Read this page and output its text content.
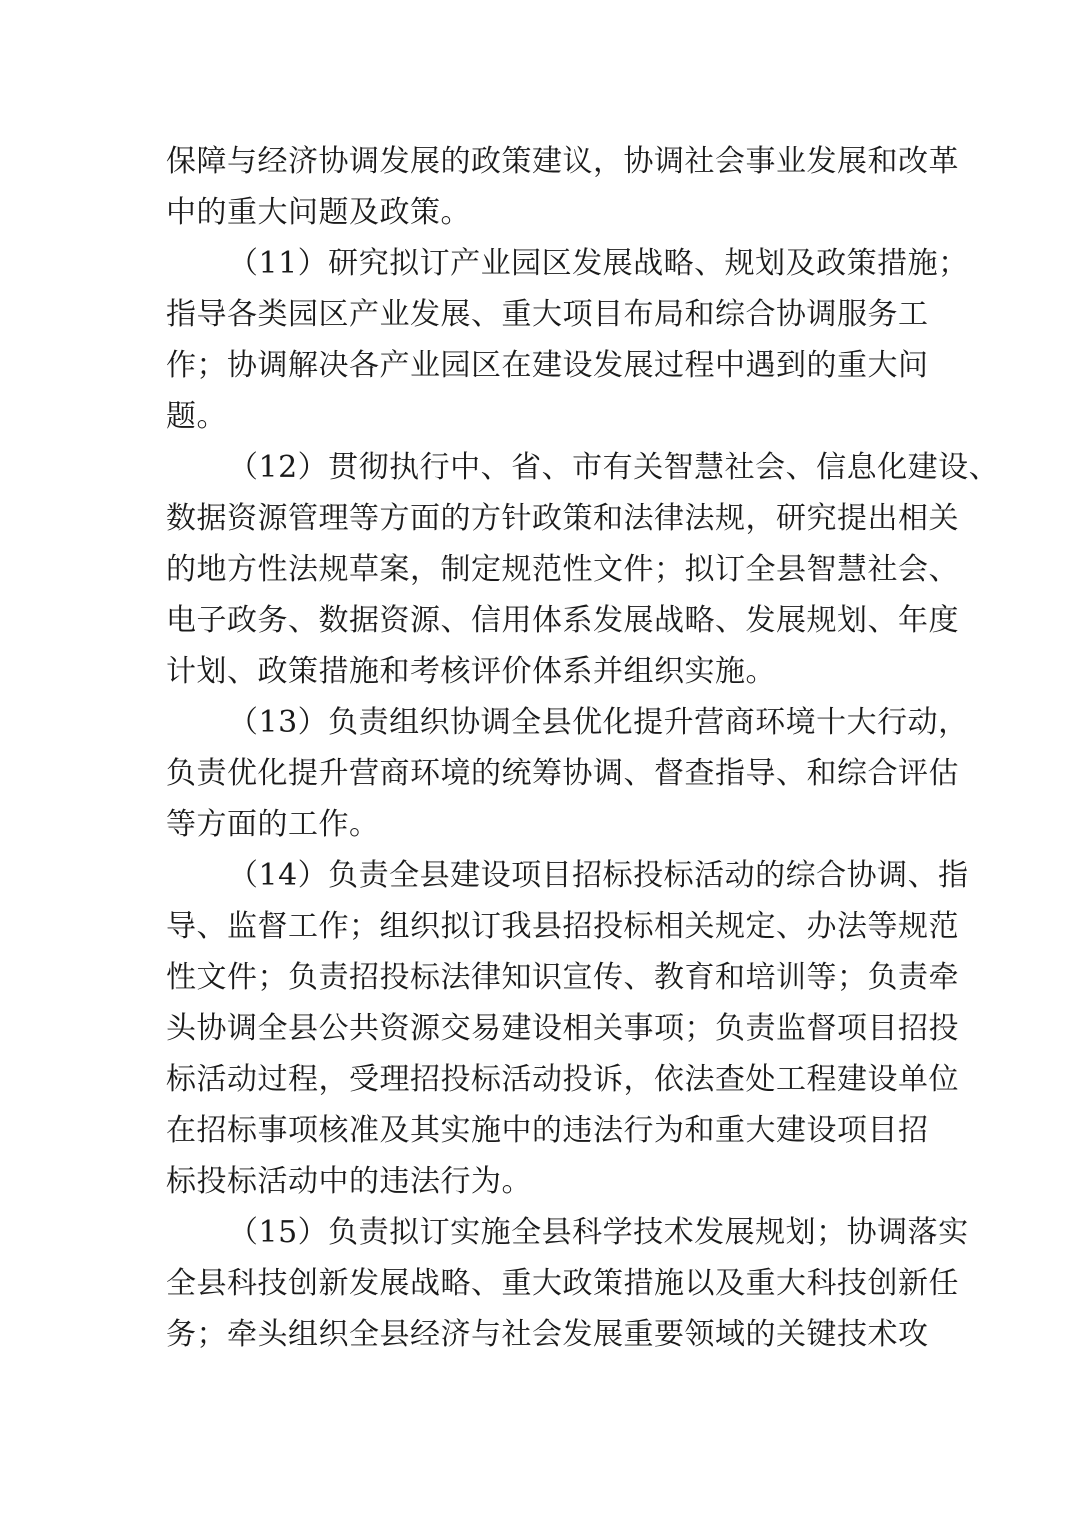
保障与经济协调发展的政策建议，协调社会事业发展和改革
中的重大问题及政策。
（11）研究拟订产业园区发展战略、规划及政策措施；
指导各类园区产业发展、重大项目布局和综合协调服务工
作；协调解决各产业园区在建设发展过程中遇到的重大问
题。
（12）贯彻执行中、省、市有关智慧社会、信息化建设、
数据资源管理等方面的方针政策和法律法规，研究提出相关
的地方性法规草案，制定规范性文件；拟订全县智慧社会、
电子政务、数据资源、信用体系发展战略、发展规划、年度
计划、政策措施和考核评价体系并组织实施。
（13）负责组织协调全县优化提升营商环境十大行动，
负责优化提升营商环境的统筹协调、督查指导、和综合评估
等方面的工作。
（14）负责全县建设项目招标投标活动的综合协调、指
导、监督工作；组织拟订我县招投标相关规定、办法等规范
性文件；负责招投标法律知识宣传、教育和培训等；负责牵
头协调全县公共资源交易建设相关事项；负责监督项目招投
标活动过程，受理招投标活动投诉，依法查处工程建设单位
在招标事项核准及其实施中的违法行为和重大建设项目招
标投标活动中的违法行为。
（15）负责拟订实施全县科学技术发展规划；协调落实
全县科技创新发展战略、重大政策措施以及重大科技创新任
务；牵头组织全县经济与社会发展重要领域的关键技术攻
